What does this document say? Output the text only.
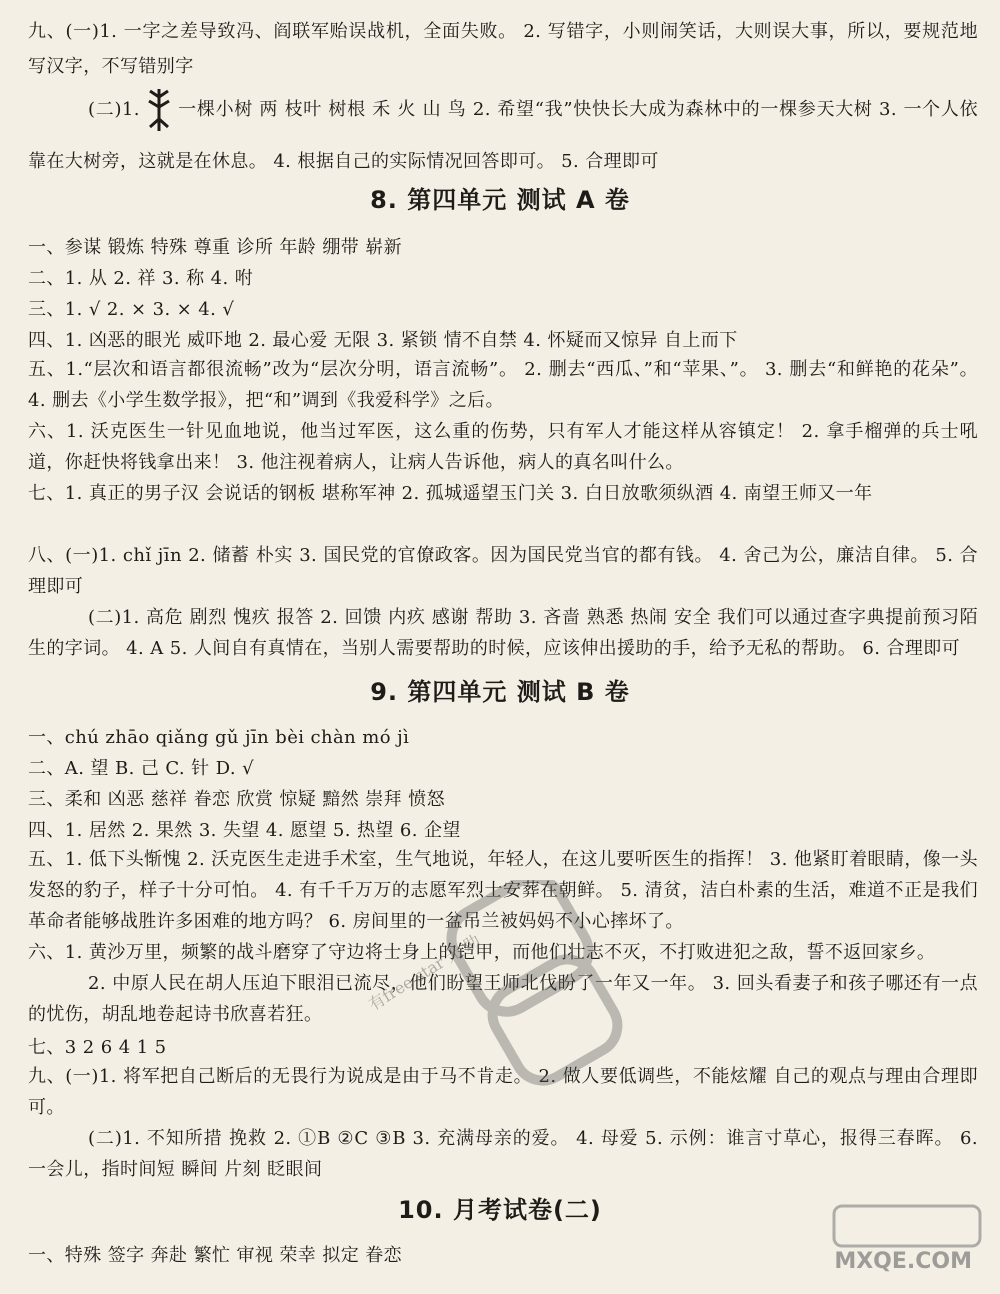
九、(一)1. 一字之差导致冯、阎联军贻误战机，全面失败。 2. 写错字，小则闹笑话，大则误大事，所以，要规范地写汉字，不写错别字
(二)1. 一棵小树 两 枝叶 树根 禾 火 山 鸟 2. 希望“我”快快长大成为森林中的一棵参天大树 3. 一个人依靠在大树旁，这就是在休息。 4. 根据自己的实际情况回答即可。 5. 合理即可
8. 第四单元 测试 A 卷
一、参谋 锻炼 特殊 尊重 诊所 年龄 绷带 崭新
二、1. 从 2. 祥 3. 称 4. 咐
三、1. √ 2. × 3. × 4. √
四、1. 凶恶的眼光 威吓地 2. 最心爱 无限 3. 紧锁 情不自禁 4. 怀疑而又惊异 自上而下
五、1.“层次和语言都很流畅”改为“层次分明，语言流畅”。 2. 删去“西瓜、”和“苹果、”。 3. 删去“和鲜艳的花朵”。 4. 删去《小学生数学报》，把“和”调到《我爱科学》之后。
六、1. 沃克医生一针见血地说，他当过军医，这么重的伤势，只有军人才能这样从容镇定！ 2. 拿手榴弹的兵士吼道，你赶快将钱拿出来！ 3. 他注视着病人，让病人告诉他，病人的真名叫什么。
七、1. 真正的男子汉 会说话的钢板 堪称军神 2. 孤城遥望玉门关 3. 白日放歌须纵酒 4. 南望王师又一年
八、(一)1. chǐ jīn 2. 储蓄 朴实 3. 国民党的官僚政客。因为国民党当官的都有钱。 4. 舍己为公，廉洁自律。 5. 合理即可
(二)1. 高危 剧烈 愧疚 报答 2. 回馈 内疚 感谢 帮助 3. 吝啬 熟悉 热闹 安全 我们可以通过查字典提前预习陌生的字词。 4. A 5. 人间自有真情在，当别人需要帮助的时候，应该伸出援助的手，给予无私的帮助。 6. 合理即可
9. 第四单元 测试 B 卷
一、chú zhāo qiǎng gǔ jīn bèi chàn mó jì
二、A. 望 B. 己 C. 针 D. √
三、柔和 凶恶 慈祥 眷恋 欣赏 惊疑 黯然 崇拜 愤怒
四、1. 居然 2. 果然 3. 失望 4. 愿望 5. 热望 6. 企望
五、1. 低下头惭愧 2. 沃克医生走进手术室，生气地说，年轻人，在这儿要听医生的指挥！ 3. 他紧盯着眼睛，像一头发怒的豹子，样子十分可怕。 4. 有千千万万的志愿军烈士安葬在朝鲜。 5. 清贫，洁白朴素的生活，难道不正是我们革命者能够战胜许多困难的地方吗？ 6. 房间里的一盆吊兰被妈妈不小心摔坏了。
六、1. 黄沙万里，频繁的战斗磨穿了守边将士身上的铠甲，而他们壮志不灭，不打败进犯之敌，誓不返回家乡。
2. 中原人民在胡人压迫下眼泪已流尽，他们盼望王师北伐盼了一年又一年。 3. 回头看妻子和孩子哪还有一点的忧伤，胡乱地卷起诗书欣喜若狂。
七、3 2 6 4 1 5
九、(一)1. 将军把自己断后的无畏行为说成是由于马不肯走。 2. 做人要低调些，不能炫耀 自己的观点与理由合理即可。
(二)1. 不知所措 挽救 2. ①B ②C ③B 3. 充满母亲的爱。 4. 母爱 5. 示例：谁言寸草心，报得三春晖。 6. 一会儿，指时间短 瞬间 片刻 眨眼间
10. 月考试卷(二)
一、特殊 签字 奔赴 繁忙 审视 荣幸 拟定 眷恋
有free star 无 助
MXQE.COM
